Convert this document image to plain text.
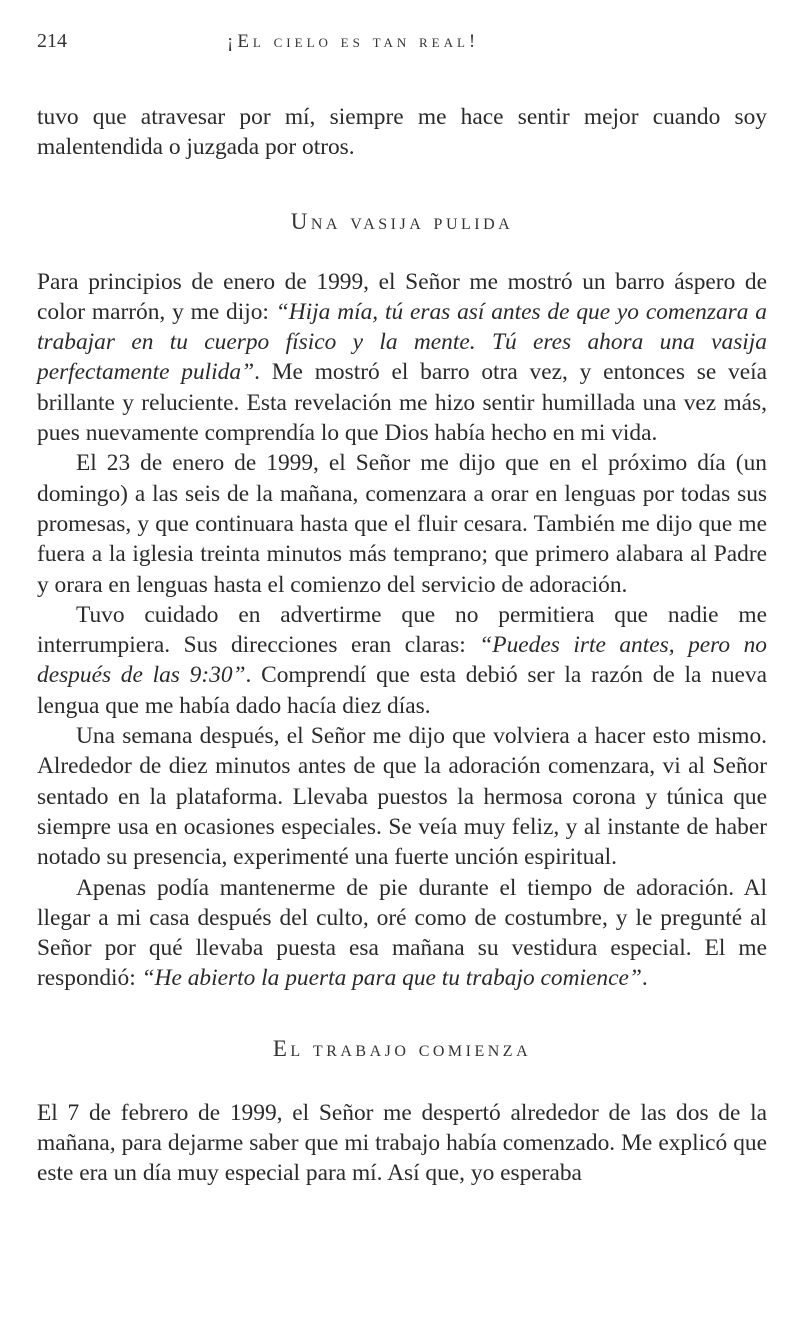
214	¡El cielo es tan real!

tuvo que atravesar por mí, siempre me hace sentir mejor cuando soy malentendida o juzgada por otros.

Una vasija pulida

Para principios de enero de 1999, el Señor me mostró un barro áspero de color marrón, y me dijo: “Hija mía, tú eras así antes de que yo comenzara a trabajar en tu cuerpo físico y la mente. Tú eres ahora una vasija perfectamente pulida”. Me mostró el barro otra vez, y entonces se veía brillante y reluciente. Esta revelación me hizo sentir humillada una vez más, pues nuevamente comprendía lo que Dios había hecho en mi vida.

El 23 de enero de 1999, el Señor me dijo que en el próximo día (un domingo) a las seis de la mañana, comenzara a orar en lenguas por todas sus promesas, y que continuara hasta que el fluir cesara. También me dijo que me fuera a la iglesia treinta minutos más temprano; que primero alabara al Padre y orara en lenguas hasta el comienzo del servicio de adoración.

Tuvo cuidado en advertirme que no permitiera que nadie me interrumpiera. Sus direcciones eran claras: “Puedes irte antes, pero no después de las 9:30”. Comprendí que esta debió ser la razón de la nueva lengua que me había dado hacía diez días.

Una semana después, el Señor me dijo que volviera a hacer esto mismo. Alrededor de diez minutos antes de que la adoración comenzara, vi al Señor sentado en la plataforma. Llevaba puestos la hermosa corona y túnica que siempre usa en ocasiones especiales. Se veía muy feliz, y al instante de haber notado su presencia, experimenté una fuerte unción espiritual.

Apenas podía mantenerme de pie durante el tiempo de adoración. Al llegar a mi casa después del culto, oré como de costumbre, y le pregunté al Señor por qué llevaba puesta esa mañana su vestidura especial. El me respondió: “He abierto la puerta para que tu trabajo comience”.

El trabajo comienza

El 7 de febrero de 1999, el Señor me despertó alrededor de las dos de la mañana, para dejarme saber que mi trabajo había comenzado. Me explicó que este era un día muy especial para mí. Así que, yo esperaba
